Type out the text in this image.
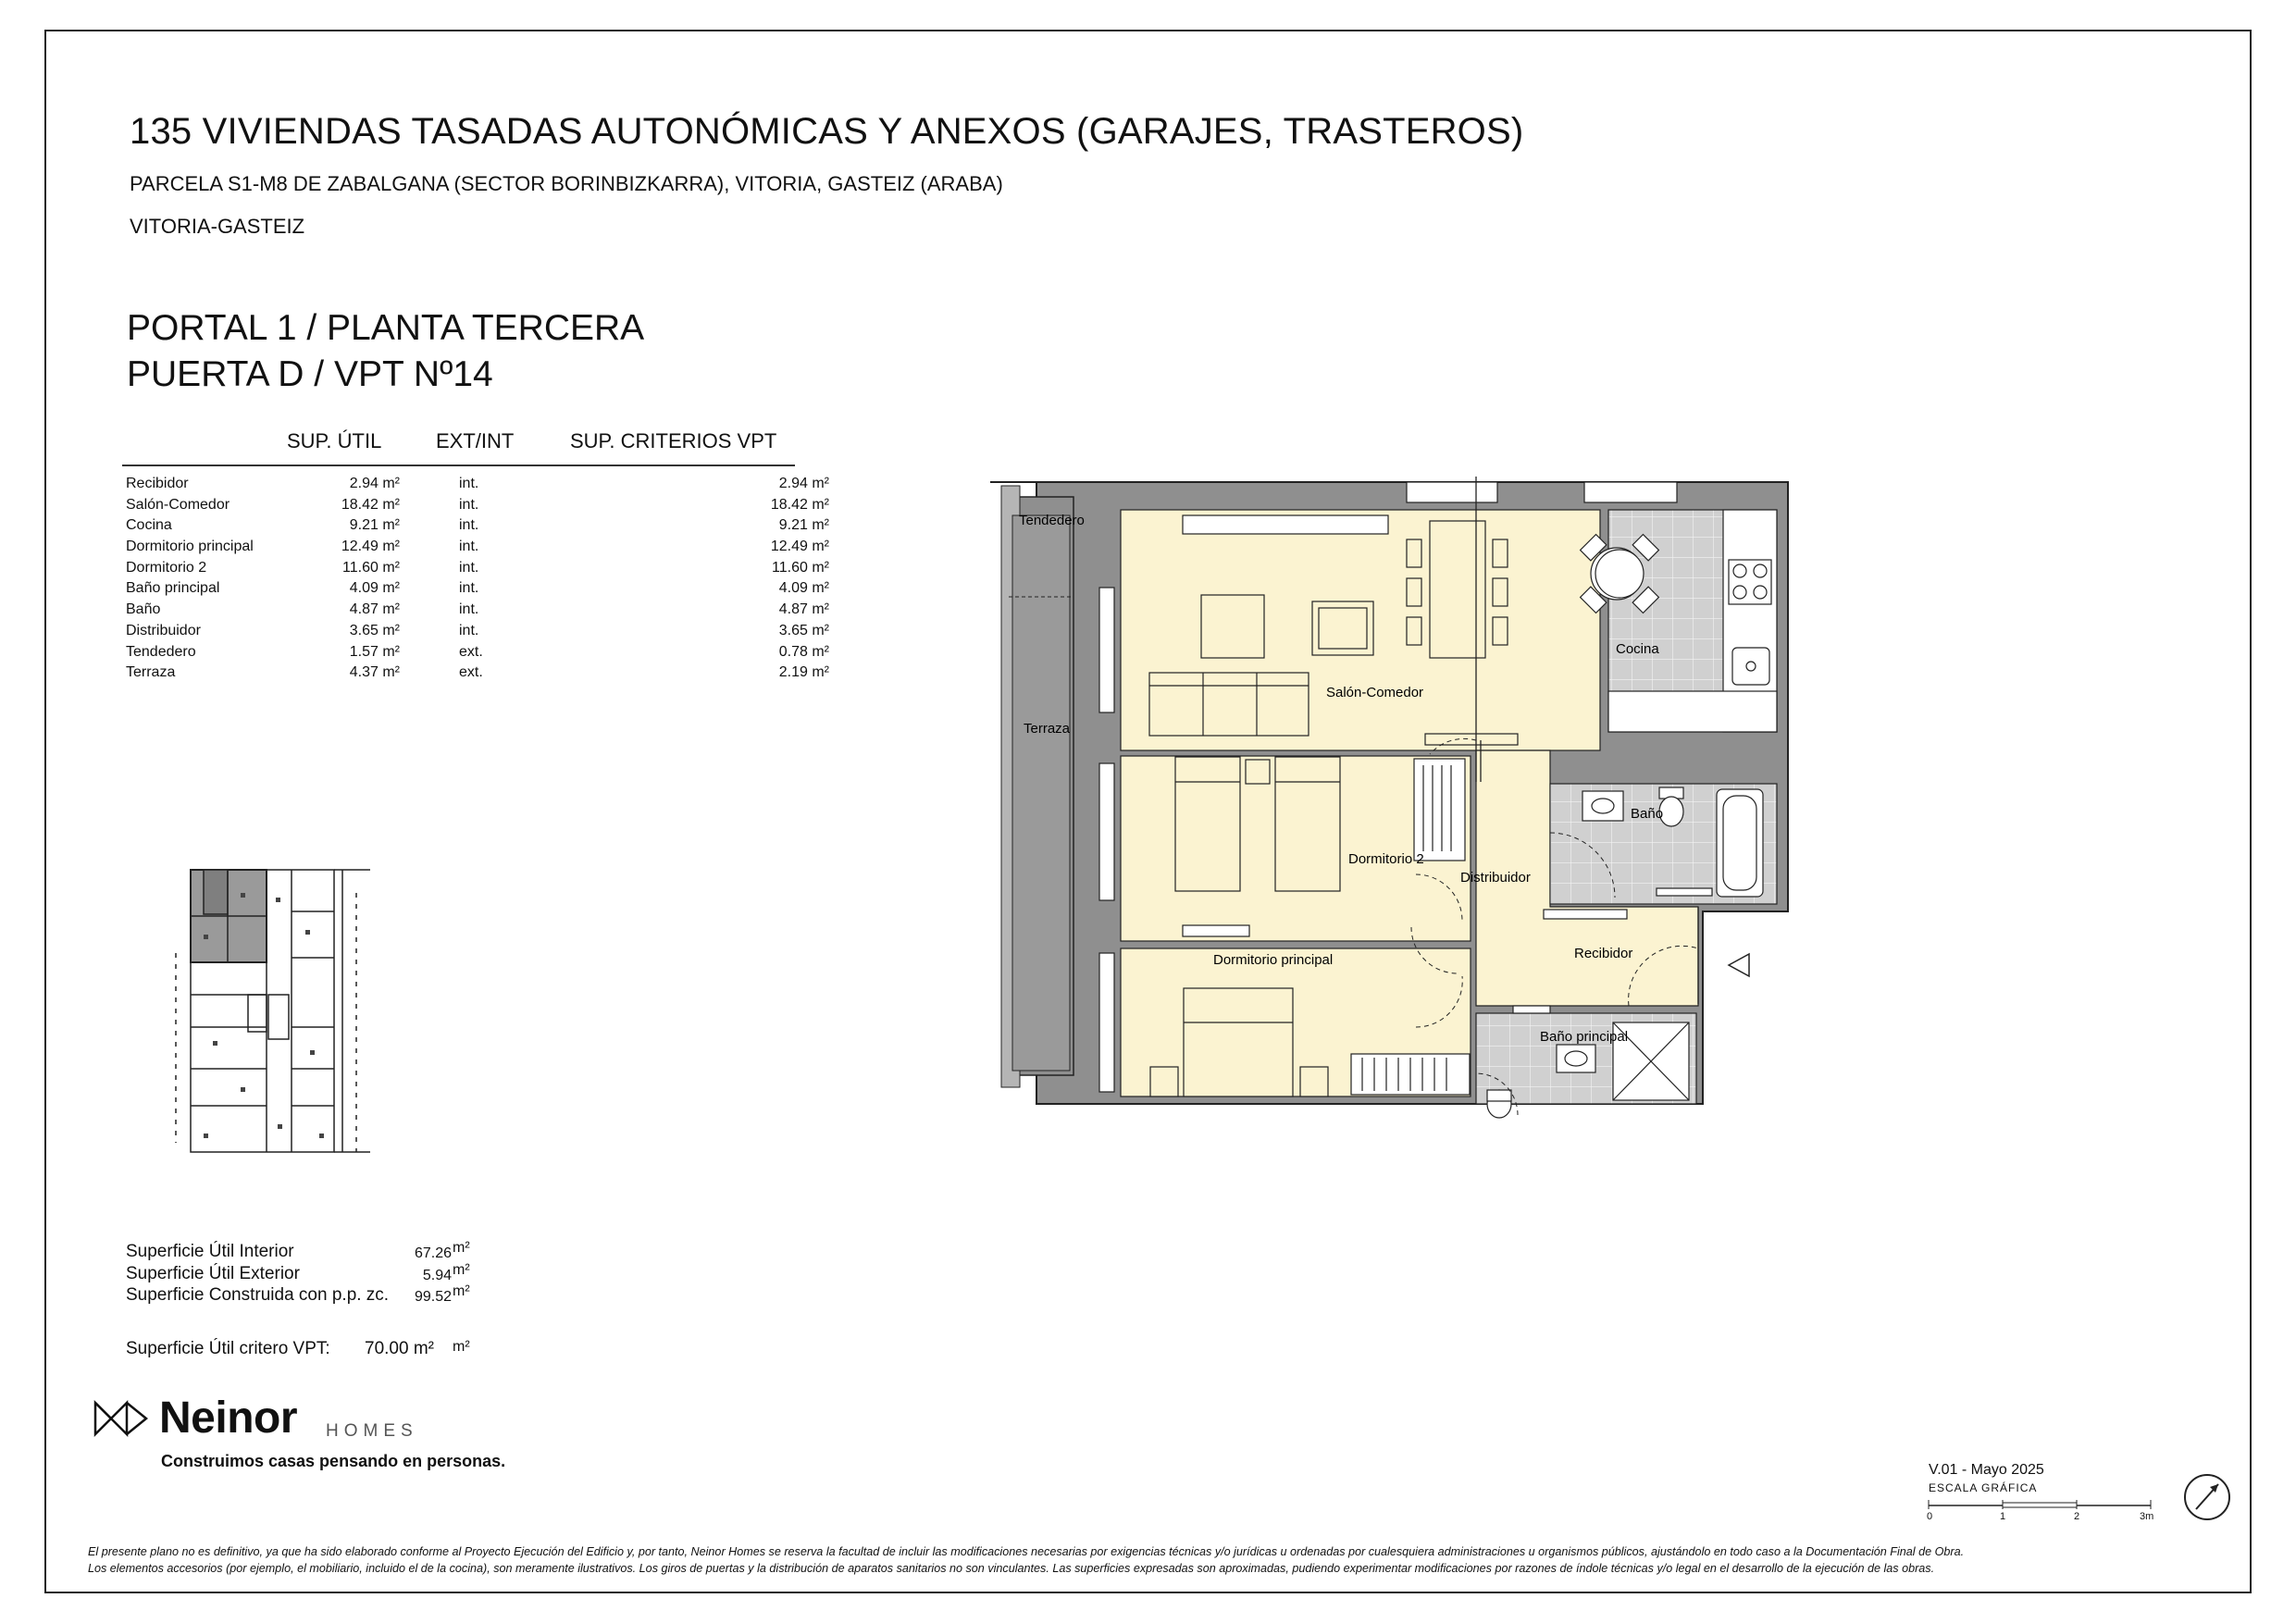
135 VIVIENDAS TASADAS AUTONÓMICAS Y ANEXOS (GARAJES, TRASTEROS)
PARCELA S1-M8 DE ZABALGANA (SECTOR BORINBIZKARRA), VITORIA, GASTEIZ (ARABA)
VITORIA-GASTEIZ
PORTAL 1 / PLANTA TERCERA
PUERTA D / VPT Nº14
SUP. ÚTIL	EXT/INT	SUP. CRITERIOS VPT
Recibidor	2.94 m²	int.	2.94 m²
Salón-Comedor	18.42 m²	int.	18.42 m²
Cocina	9.21 m²	int.	9.21 m²
Dormitorio principal	12.49 m²	int.	12.49 m²
Dormitorio 2	11.60 m²	int.	11.60 m²
Baño principal	4.09 m²	int.	4.09 m²
Baño	4.87 m²	int.	4.87 m²
Distribuidor	3.65 m²	int.	3.65 m²
Tendedero	1.57 m²	ext.	0.78 m²
Terraza	4.37 m²	ext.	2.19 m²
Tendedero
Terraza
Salón-Comedor
Cocina
Baño
Dormitorio 2
Distribuidor
Dormitorio principal	Recibidor
Baño principal
Superficie Útil Interior	67.26 m²
Superficie Útil Exterior	5.94 m²
Superficie Construida con p.p. zc.	99.52 m²
Superficie Útil critero VPT: 70.00 m² m²
Neinor HOMES
Construimos casas pensando en personas.	V.01 - Mayo 2025
ESCALA GRÁFICA
0	1	2	3m
El presente plano no es definitivo, ya que ha sido elaborado conforme al Proyecto Ejecución del Edificio y, por tanto, Neinor Homes se reserva la facultad de incluir las modificaciones necesarias por exigencias técnicas y/o jurídicas u ordenadas por cualesquiera administraciones u organismos públicos, ajustándolo en todo caso a la Documentación Final de Obra.
Los elementos accesorios (por ejemplo, el mobiliario, incluido el de la cocina), son meramente ilustrativos. Los giros de puertas y la distribución de aparatos sanitarios no son vinculantes. Las superficies expresadas son aproximadas, pudiendo experimentar modificaciones por razones de índole técnicas y/o legal en el desarrollo de la ejecución de las obras.
